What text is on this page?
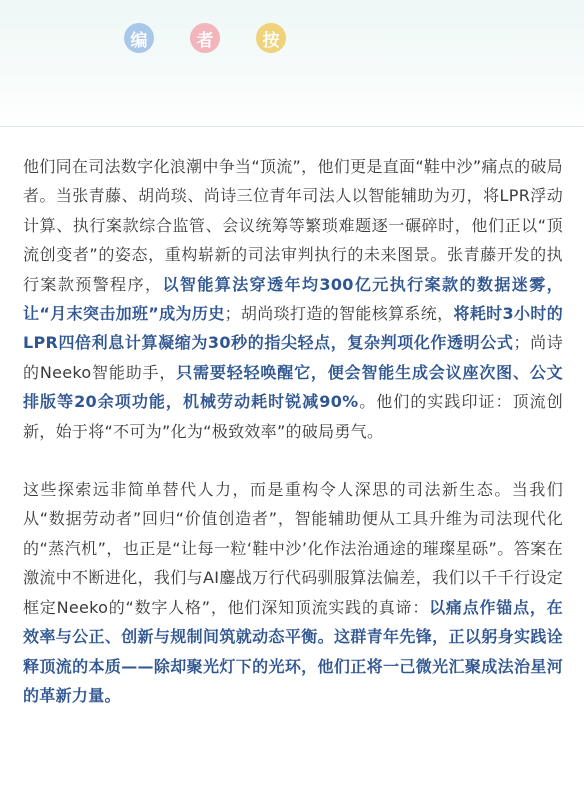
编	者	按

他们同在司法数字化浪潮中争当“顶流”，他们更是直面“鞋中沙”痛点的破局者。当张青藤、胡尚琰、尚诗三位青年司法人以智能辅助为刃，将LPR浮动计算、执行案款综合监管、会议统筹等繁琐难题逐一碾碎时，他们正以“顶流创变者”的姿态，重构崭新的司法审判执行的未来图景。张青藤开发的执行案款预警程序，以智能算法穿透年均300亿元执行案款的数据迷雾，让“月末突击加班”成为历史；胡尚琰打造的智能核算系统，将耗时3小时的LPR四倍利息计算凝缩为30秒的指尖轻点，复杂判项化作透明公式；尚诗的Neeko智能助手，只需要轻轻唤醒它，便会智能生成会议座次图、公文排版等20余项功能，机械劳动耗时锐减90%。他们的实践印证：顶流创新，始于将“不可为”化为“极致效率”的破局勇气。

这些探索远非简单替代人力，而是重构令人深思的司法新生态。当我们从“数据劳动者”回归“价值创造者”，智能辅助便从工具升维为司法现代化的“蒸汽机”，也正是“让每一粒‘鞋中沙’化作法治通途的璀璨星砾”。答案在激流中不断进化，我们与AI鏖战万行代码驯服算法偏差，我们以千千行设定框定Neeko的“数字人格”，他们深知顶流实践的真谛：以痛点作锚点，在效率与公正、创新与规制间筑就动态平衡。这群青年先锋，正以躬身实践诠释顶流的本质——除却聚光灯下的光环，他们正将一己微光汇聚成法治星河的革新力量。
